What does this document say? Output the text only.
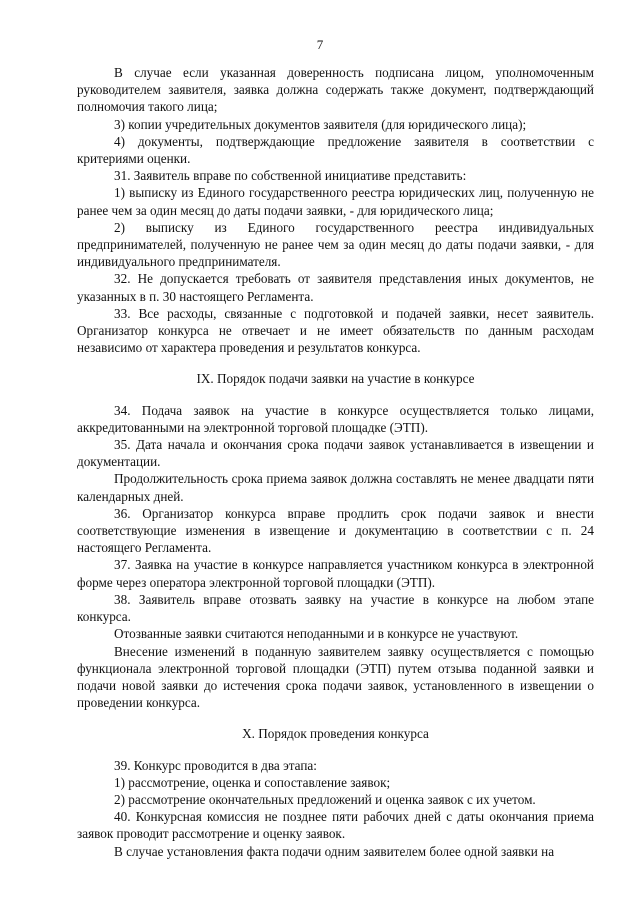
7

В случае если указанная доверенность подписана лицом, уполномоченным руководителем заявителя, заявка должна содержать также документ, подтверждающий полномочия такого лица;

3) копии учредительных документов заявителя (для юридического лица);

4) документы, подтверждающие предложение заявителя в соответствии с критериями оценки.

31. Заявитель вправе по собственной инициативе представить:

1) выписку из Единого государственного реестра юридических лиц, полученную не ранее чем за один месяц до даты подачи заявки, - для юридического лица;

2) выписку из Единого государственного реестра индивидуальных предпринимателей, полученную не ранее чем за один месяц до даты подачи заявки, - для индивидуального предпринимателя.

32. Не допускается требовать от заявителя представления иных документов, не указанных в п. 30 настоящего Регламента.

33. Все расходы, связанные с подготовкой и подачей заявки, несет заявитель. Организатор конкурса не отвечает и не имеет обязательств по данным расходам независимо от характера проведения и результатов конкурса.

IX. Порядок подачи заявки на участие в конкурсе

34. Подача заявок на участие в конкурсе осуществляется только лицами, аккредитованными на электронной торговой площадке (ЭТП).

35. Дата начала и окончания срока подачи заявок устанавливается в извещении и документации.

Продолжительность срока приема заявок должна составлять не менее двадцати пяти календарных дней.

36. Организатор конкурса вправе продлить срок подачи заявок и внести соответствующие изменения в извещение и документацию в соответствии с п. 24 настоящего Регламента.

37. Заявка на участие в конкурсе направляется участником конкурса в электронной форме через оператора электронной торговой площадки (ЭТП).

38. Заявитель вправе отозвать заявку на участие в конкурсе на любом этапе конкурса.

Отозванные заявки считаются неподанными и в конкурсе не участвуют.

Внесение изменений в поданную заявителем заявку осуществляется с помощью функционала электронной торговой площадки (ЭТП) путем отзыва поданной заявки и подачи новой заявки до истечения срока подачи заявок, установленного в извещении о проведении конкурса.

X. Порядок проведения конкурса

39. Конкурс проводится в два этапа:

1) рассмотрение, оценка и сопоставление заявок;

2) рассмотрение окончательных предложений и оценка заявок с их учетом.

40. Конкурсная комиссия не позднее пяти рабочих дней с даты окончания приема заявок проводит рассмотрение и оценку заявок.

В случае установления факта подачи одним заявителем более одной заявки на
